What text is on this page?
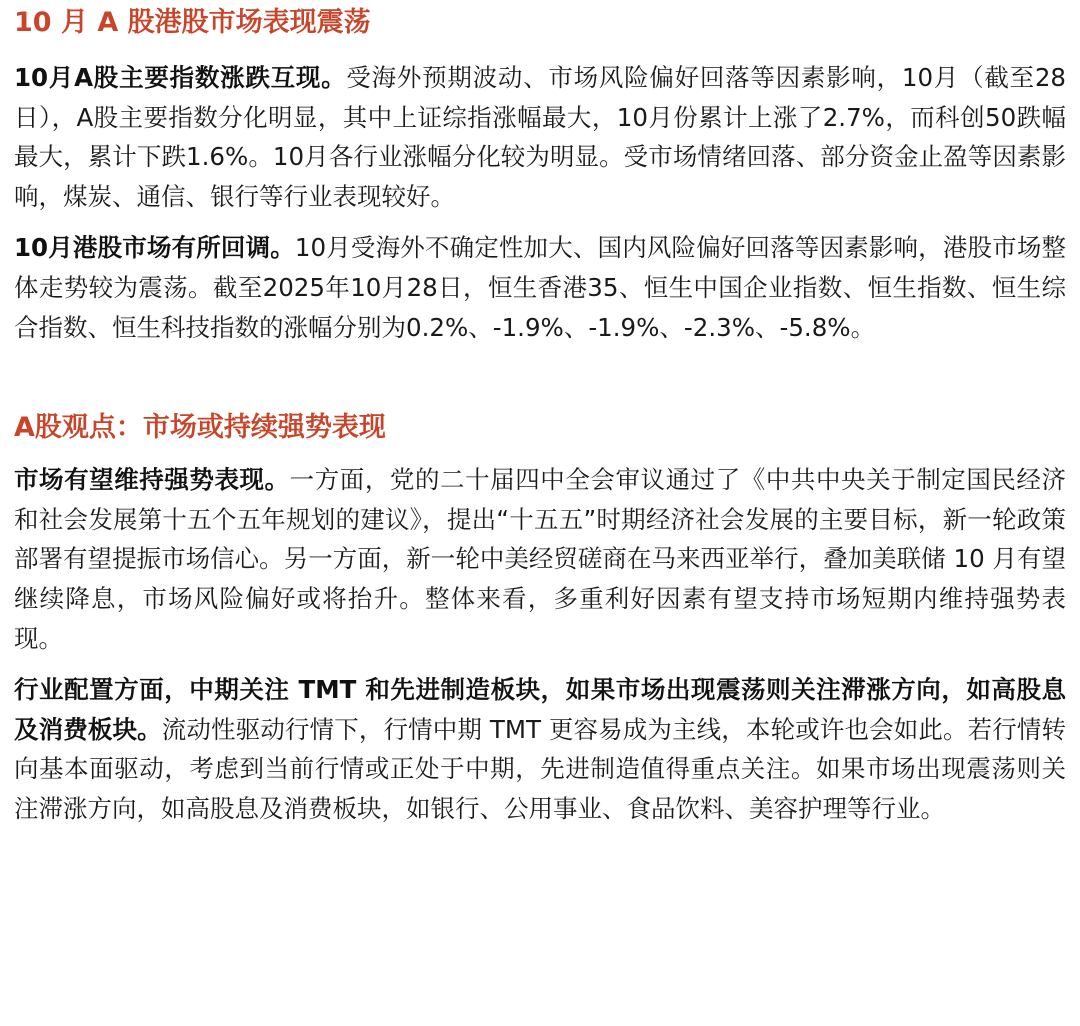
10 月 A 股港股市场表现震荡

10月A股主要指数涨跌互现。受海外预期波动、市场风险偏好回落等因素影响，10月（截至28日），A股主要指数分化明显，其中上证综指涨幅最大，10月份累计上涨了2.7%，而科创50跌幅最大，累计下跌1.6%。10月各行业涨幅分化较为明显。受市场情绪回落、部分资金止盈等因素影响，煤炭、通信、银行等行业表现较好。

10月港股市场有所回调。10月受海外不确定性加大、国内风险偏好回落等因素影响，港股市场整体走势较为震荡。截至2025年10月28日，恒生香港35、恒生中国企业指数、恒生指数、恒生综合指数、恒生科技指数的涨幅分别为0.2%、-1.9%、-1.9%、-2.3%、-5.8%。

A股观点：市场或持续强势表现

市场有望维持强势表现。一方面，党的二十届四中全会审议通过了《中共中央关于制定国民经济和社会发展第十五个五年规划的建议》，提出“十五五”时期经济社会发展的主要目标，新一轮政策部署有望提振市场信心。另一方面，新一轮中美经贸磋商在马来西亚举行，叠加美联储 10 月有望继续降息，市场风险偏好或将抬升。整体来看，多重利好因素有望支持市场短期内维持强势表现。

行业配置方面，中期关注 TMT 和先进制造板块，如果市场出现震荡则关注滞涨方向，如高股息及消费板块。流动性驱动行情下，行情中期 TMT 更容易成为主线，本轮或许也会如此。若行情转向基本面驱动，考虑到当前行情或正处于中期，先进制造值得重点关注。如果市场出现震荡则关注滞涨方向，如高股息及消费板块，如银行、公用事业、食品饮料、美容护理等行业。
